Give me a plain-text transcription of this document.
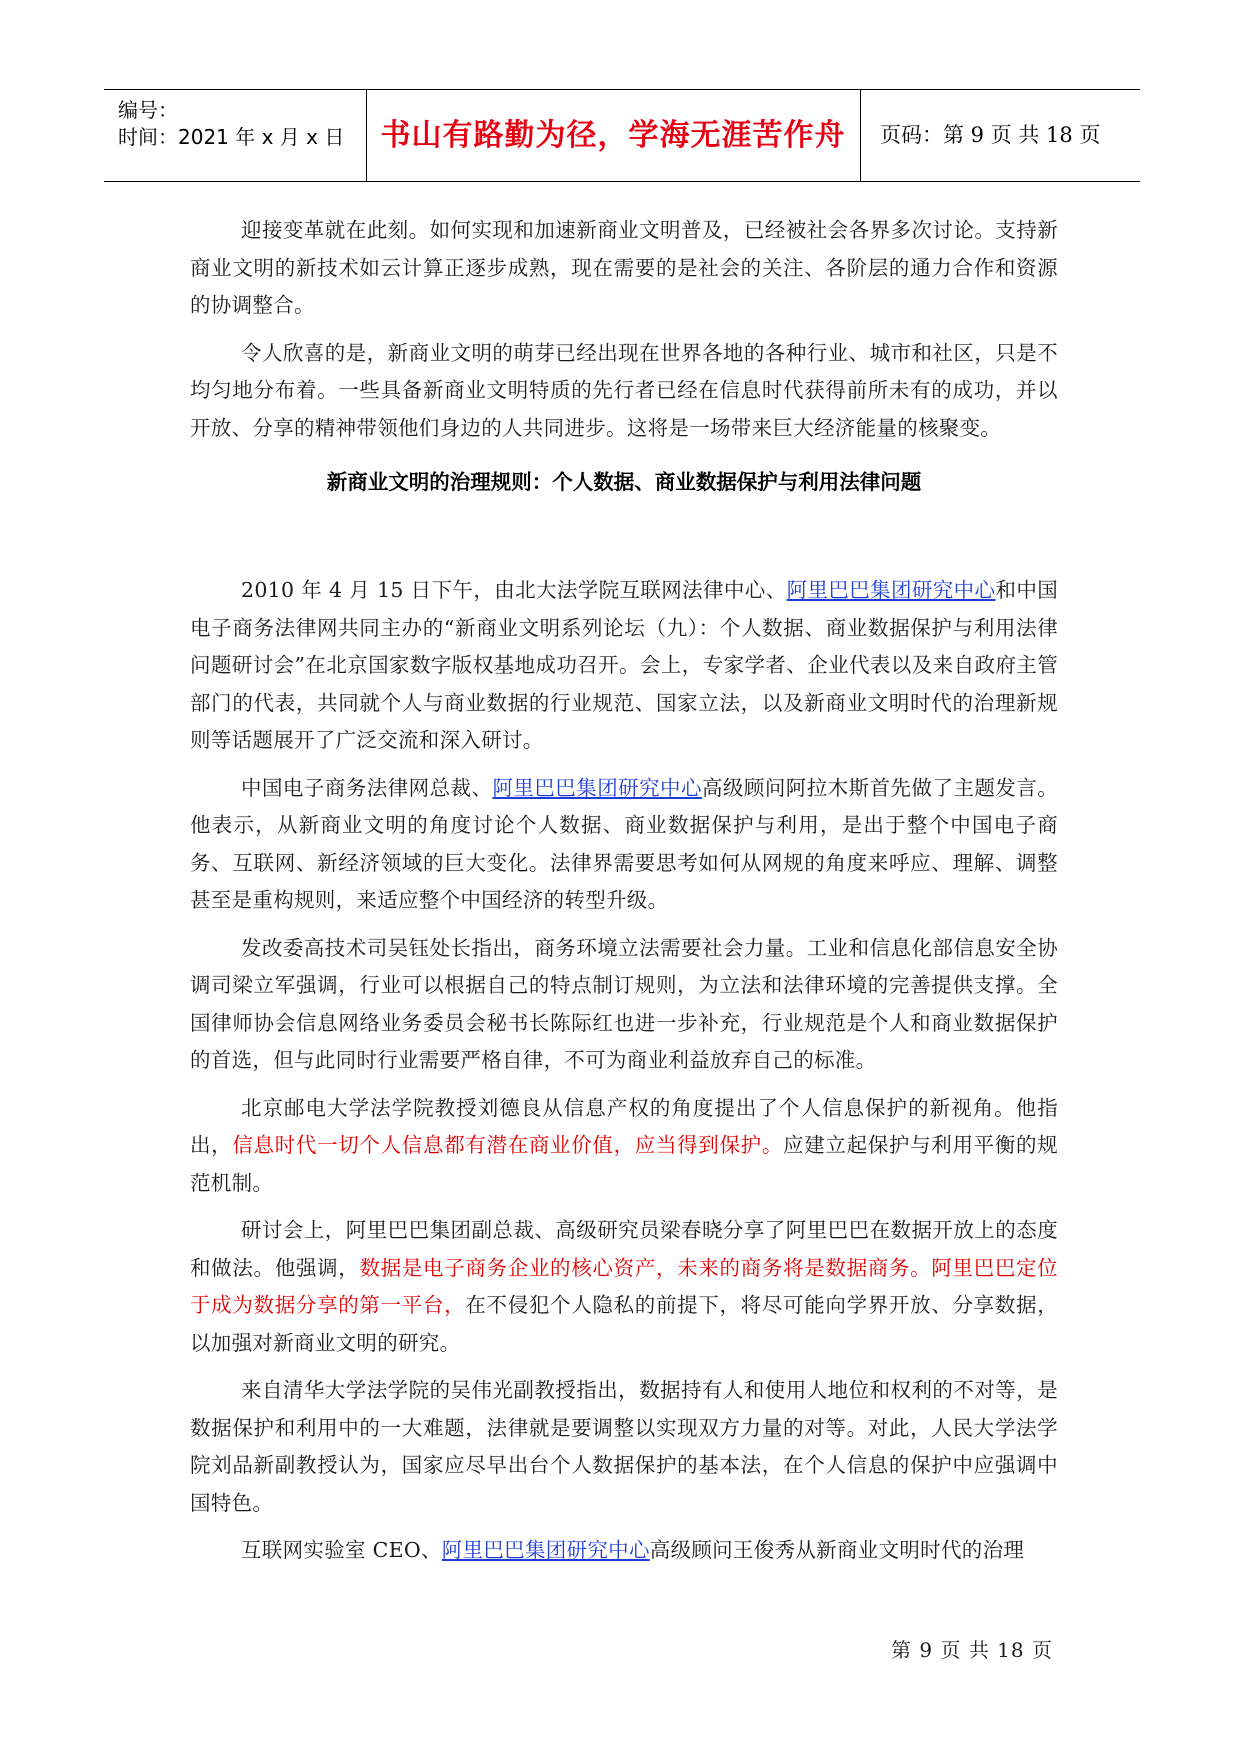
编号：
时间：2021 年 x 月 x 日	书山有路勤为径，学海无涯苦作舟	页码：第 9 页 共 18 页

迎接变革就在此刻。如何实现和加速新商业文明普及，已经被社会各界多次讨论。支持新商业文明的新技术如云计算正逐步成熟，现在需要的是社会的关注、各阶层的通力合作和资源的协调整合。

令人欣喜的是，新商业文明的萌芽已经出现在世界各地的各种行业、城市和社区，只是不均匀地分布着。一些具备新商业文明特质的先行者已经在信息时代获得前所未有的成功，并以开放、分享的精神带领他们身边的人共同进步。这将是一场带来巨大经济能量的核聚变。

新商业文明的治理规则：个人数据、商业数据保护与利用法律问题

2010 年 4 月 15 日下午，由北大法学院互联网法律中心、阿里巴巴集团研究中心和中国电子商务法律网共同主办的“新商业文明系列论坛（九）：个人数据、商业数据保护与利用法律问题研讨会”在北京国家数字版权基地成功召开。会上，专家学者、企业代表以及来自政府主管部门的代表，共同就个人与商业数据的行业规范、国家立法，以及新商业文明时代的治理新规则等话题展开了广泛交流和深入研讨。

中国电子商务法律网总裁、阿里巴巴集团研究中心高级顾问阿拉木斯首先做了主题发言。他表示，从新商业文明的角度讨论个人数据、商业数据保护与利用，是出于整个中国电子商务、互联网、新经济领域的巨大变化。法律界需要思考如何从网规的角度来呼应、理解、调整甚至是重构规则，来适应整个中国经济的转型升级。

发改委高技术司吴钰处长指出，商务环境立法需要社会力量。工业和信息化部信息安全协调司梁立军强调，行业可以根据自己的特点制订规则，为立法和法律环境的完善提供支撑。全国律师协会信息网络业务委员会秘书长陈际红也进一步补充，行业规范是个人和商业数据保护的首选，但与此同时行业需要严格自律，不可为商业利益放弃自己的标准。

北京邮电大学法学院教授刘德良从信息产权的角度提出了个人信息保护的新视角。他指出，信息时代一切个人信息都有潜在商业价值，应当得到保护。应建立起保护与利用平衡的规范机制。

研讨会上，阿里巴巴集团副总裁、高级研究员梁春晓分享了阿里巴巴在数据开放上的态度和做法。他强调，数据是电子商务企业的核心资产，未来的商务将是数据商务。阿里巴巴定位于成为数据分享的第一平台，在不侵犯个人隐私的前提下，将尽可能向学界开放、分享数据，以加强对新商业文明的研究。

来自清华大学法学院的吴伟光副教授指出，数据持有人和使用人地位和权利的不对等，是数据保护和利用中的一大难题，法律就是要调整以实现双方力量的对等。对此，人民大学法学院刘品新副教授认为，国家应尽早出台个人数据保护的基本法，在个人信息的保护中应强调中国特色。

互联网实验室 CEO、阿里巴巴集团研究中心高级顾问王俊秀从新商业文明时代的治理

第 9 页 共 18 页
